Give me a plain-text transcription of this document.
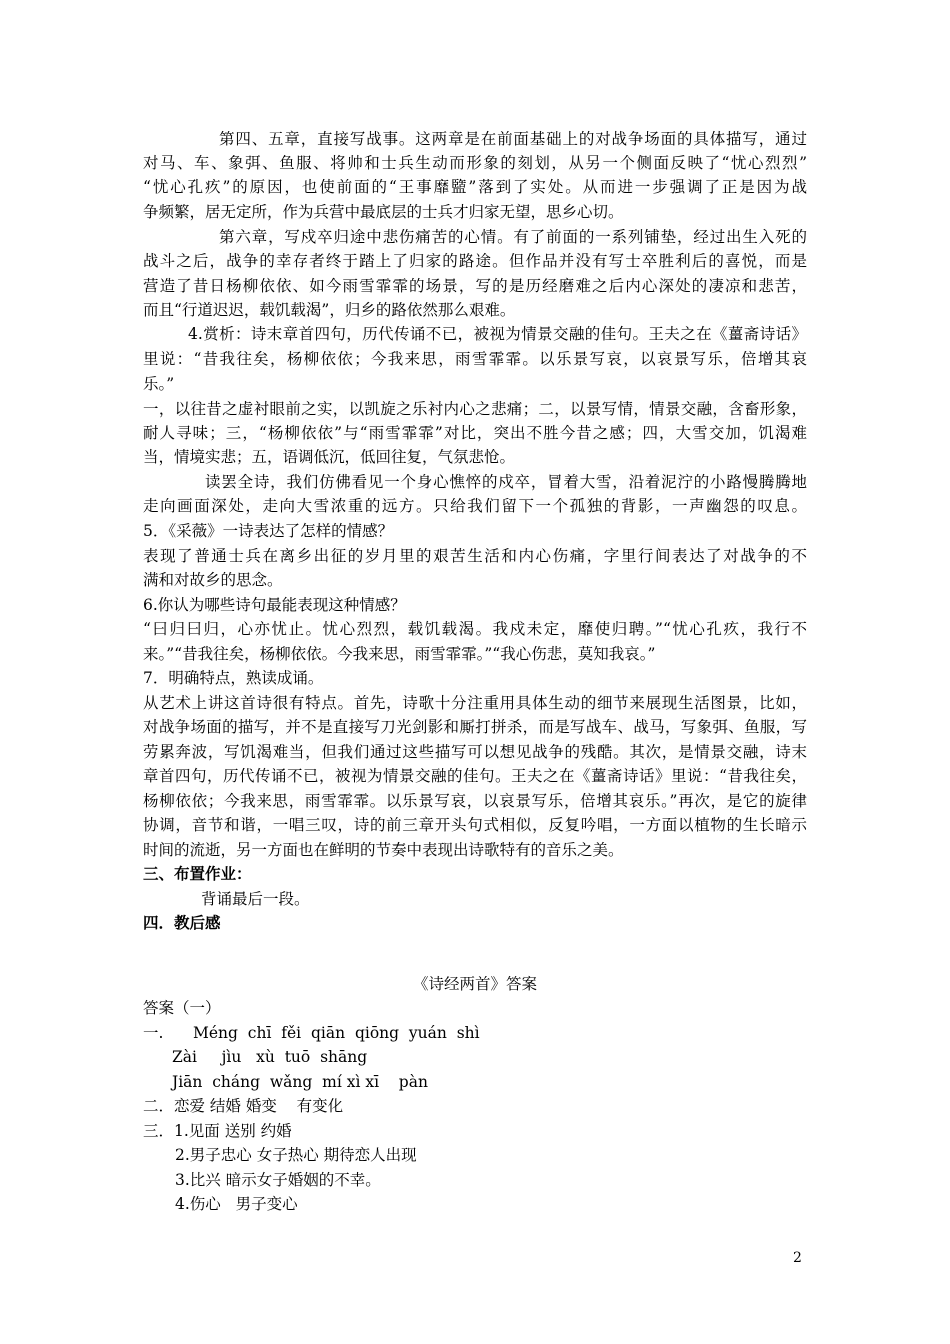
第四、五章，直接写战事。这两章是在前面基础上的对战争场面的具体描写，通过
对马、车、象弭、鱼服、将帅和士兵生动而形象的刻划，从另一个侧面反映了“忧心烈烈”
“忧心孔疚”的原因，也使前面的“王事靡盬”落到了实处。从而进一步强调了正是因为战
争频繁，居无定所，作为兵营中最底层的士兵才归家无望，思乡心切。
第六章，写戍卒归途中悲伤痛苦的心情。有了前面的一系列铺垫，经过出生入死的
战斗之后，战争的幸存者终于踏上了归家的路途。但作品并没有写士卒胜利后的喜悦，而是
营造了昔日杨柳依依、如今雨雪霏霏的场景，写的是历经磨难之后内心深处的凄凉和悲苦，
而且“行道迟迟，载饥载渴”，归乡的路依然那么艰难。
4.赏析：诗末章首四句，历代传诵不已，被视为情景交融的佳句。王夫之在《薑斋诗话》
里说：“昔我往矣，杨柳依依；今我来思，雨雪霏霏。以乐景写哀，以哀景写乐，倍增其哀
乐。”
一，以往昔之虚衬眼前之实，以凯旋之乐衬内心之悲痛；二，以景写情，情景交融，含畜形象，
耐人寻味；三，“杨柳依依”与“雨雪霏霏”对比，突出不胜今昔之感；四，大雪交加，饥渴难
当，情境实悲；五，语调低沉，低回往复，气氛悲怆。
读罢全诗，我们仿佛看见一个身心憔悴的戍卒，冒着大雪，沿着泥泞的小路慢腾腾地
走向画面深处，走向大雪浓重的远方。只给我们留下一个孤独的背影，一声幽怨的叹息。
5．《采薇》一诗表达了怎样的情感？
表现了普通士兵在离乡出征的岁月里的艰苦生活和内心伤痛，字里行间表达了对战争的不
满和对故乡的思念。
6.你认为哪些诗句最能表现这种情感？
“曰归曰归，心亦忧止。忧心烈烈，载饥载渴。我戍未定，靡使归聘。”“忧心孔疚，我行不
来。”“昔我往矣，杨柳依依。今我来思，雨雪霏霏。”“我心伤悲，莫知我哀。”
7．明确特点，熟读成诵。
从艺术上讲这首诗很有特点。首先，诗歌十分注重用具体生动的细节来展现生活图景，比如，
对战争场面的描写，并不是直接写刀光剑影和厮打拼杀，而是写战车、战马，写象弭、鱼服，写
劳累奔波，写饥渴难当，但我们通过这些描写可以想见战争的残酷。其次，是情景交融，诗末
章首四句，历代传诵不已，被视为情景交融的佳句。王夫之在《薑斋诗话》里说：“昔我往矣，
杨柳依依；今我来思，雨雪霏霏。以乐景写哀，以哀景写乐，倍增其哀乐。”再次，是它的旋律
协调，音节和谐，一唱三叹，诗的前三章开头句式相似，反复吟唱，一方面以植物的生长暗示
时间的流逝，另一方面也在鲜明的节奏中表现出诗歌特有的音乐之美。
三、布置作业：
背诵最后一段。
四．教后感
《诗经两首》答案
答案（一）
一.      Méng  chī  fěi  qiān  qiōng  yuán  shì
Zài     jìu   xù  tuō  shāng
Jiān  cháng  wǎng  mí xì xī    pàn
二．恋爱 结婚 婚变    有变化
三．1.见面 送别 约婚
2.男子忠心 女子热心 期待恋人出现
3.比兴 暗示女子婚姻的不幸。
4.伤心   男子变心
2
